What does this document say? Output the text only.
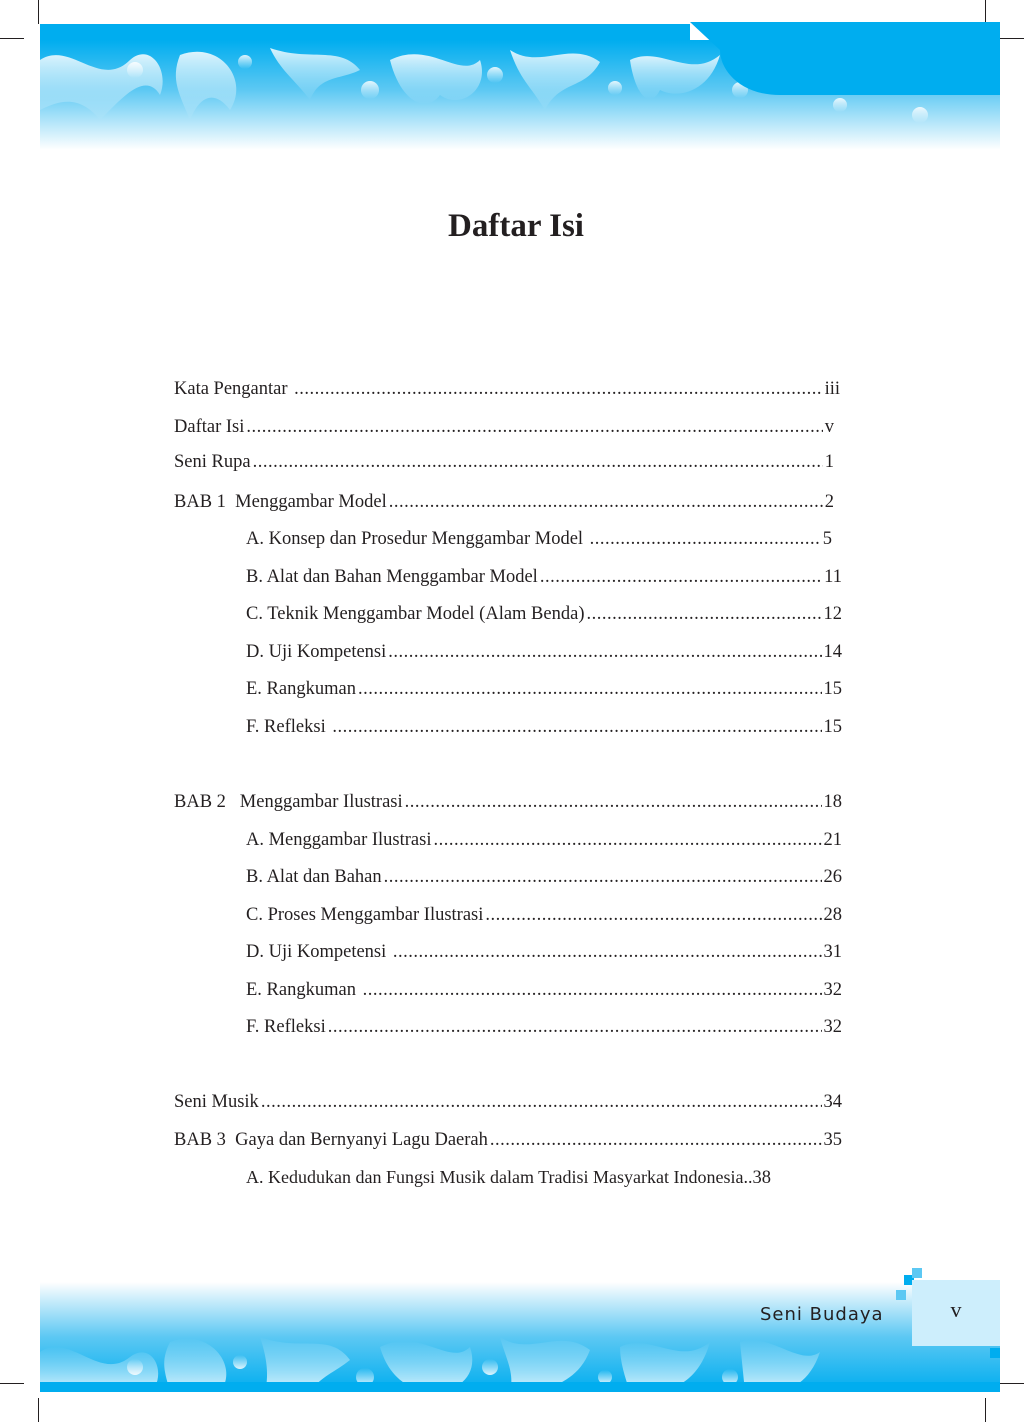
Daftar Isi
Kata Pengantar .....	iii
Daftar Isi .....	v
Seni Rupa .....	1
BAB 1  Menggambar Model .....	2
A. Konsep dan Prosedur Menggambar Model .....	5
B. Alat dan Bahan Menggambar Model .....	11
C. Teknik Menggambar Model (Alam Benda) .....	12
D. Uji Kompetensi .....	14
E. Rangkuman .....	15
F. Refleksi .....	15
BAB 2   Menggambar Ilustrasi .....	18
A. Menggambar Ilustrasi .....	21
B. Alat dan Bahan .....	26
C. Proses Menggambar Ilustrasi .....	28
D. Uji Kompetensi .....	31
E. Rangkuman .....	32
F. Refleksi .....	32
Seni Musik .....	34
BAB 3  Gaya dan Bernyanyi Lagu Daerah .....	35
A. Kedudukan dan Fungsi Musik dalam Tradisi Masyarkat Indonesia.. 38
v
Seni Budaya
